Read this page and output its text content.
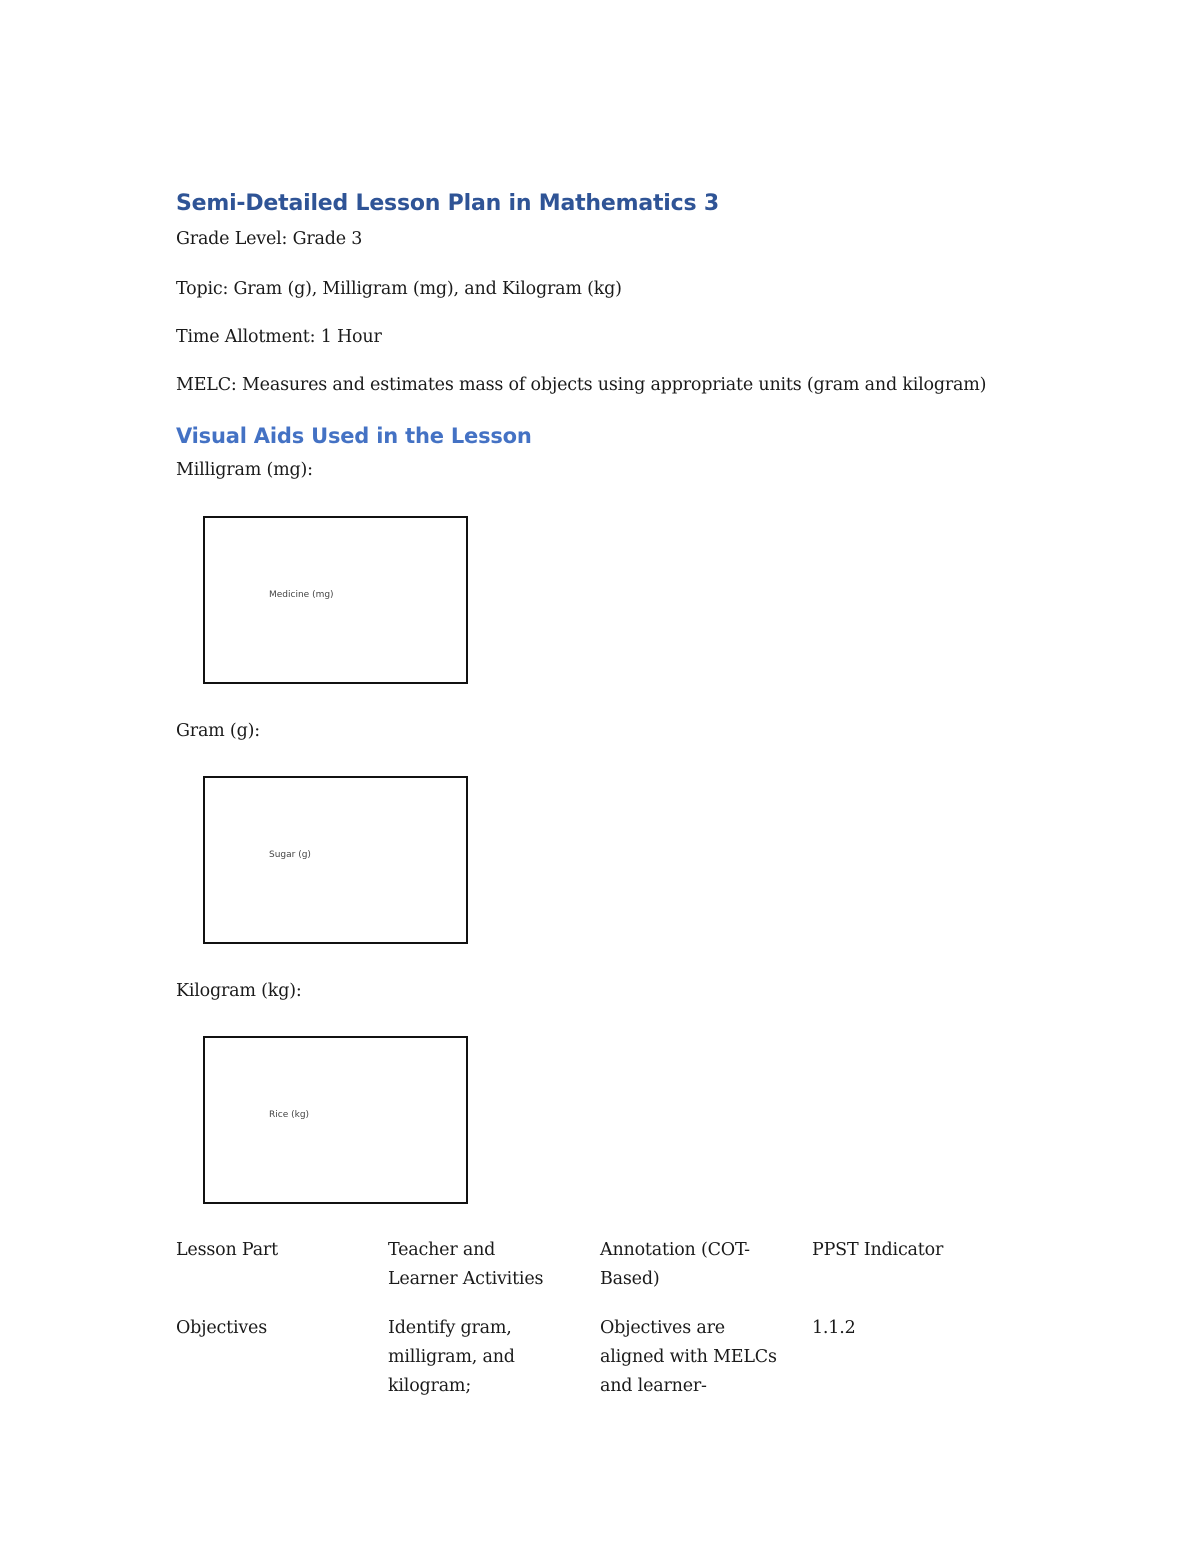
Semi-Detailed Lesson Plan in Mathematics 3
Grade Level: Grade 3
Topic: Gram (g), Milligram (mg), and Kilogram (kg)
Time Allotment: 1 Hour
MELC: Measures and estimates mass of objects using appropriate units (gram and kilogram)
Visual Aids Used in the Lesson
Milligram (mg):
Medicine (mg)
Gram (g):
Sugar (g)
Kilogram (kg):
Rice (kg)
Lesson Part	Teacher and
Learner Activities
Annotation (COT-
Based)
PPST Indicator
Objectives	Identify gram,
milligram, and
kilogram;
Objectives are
aligned with MELCs
and learner-
1.1.2
